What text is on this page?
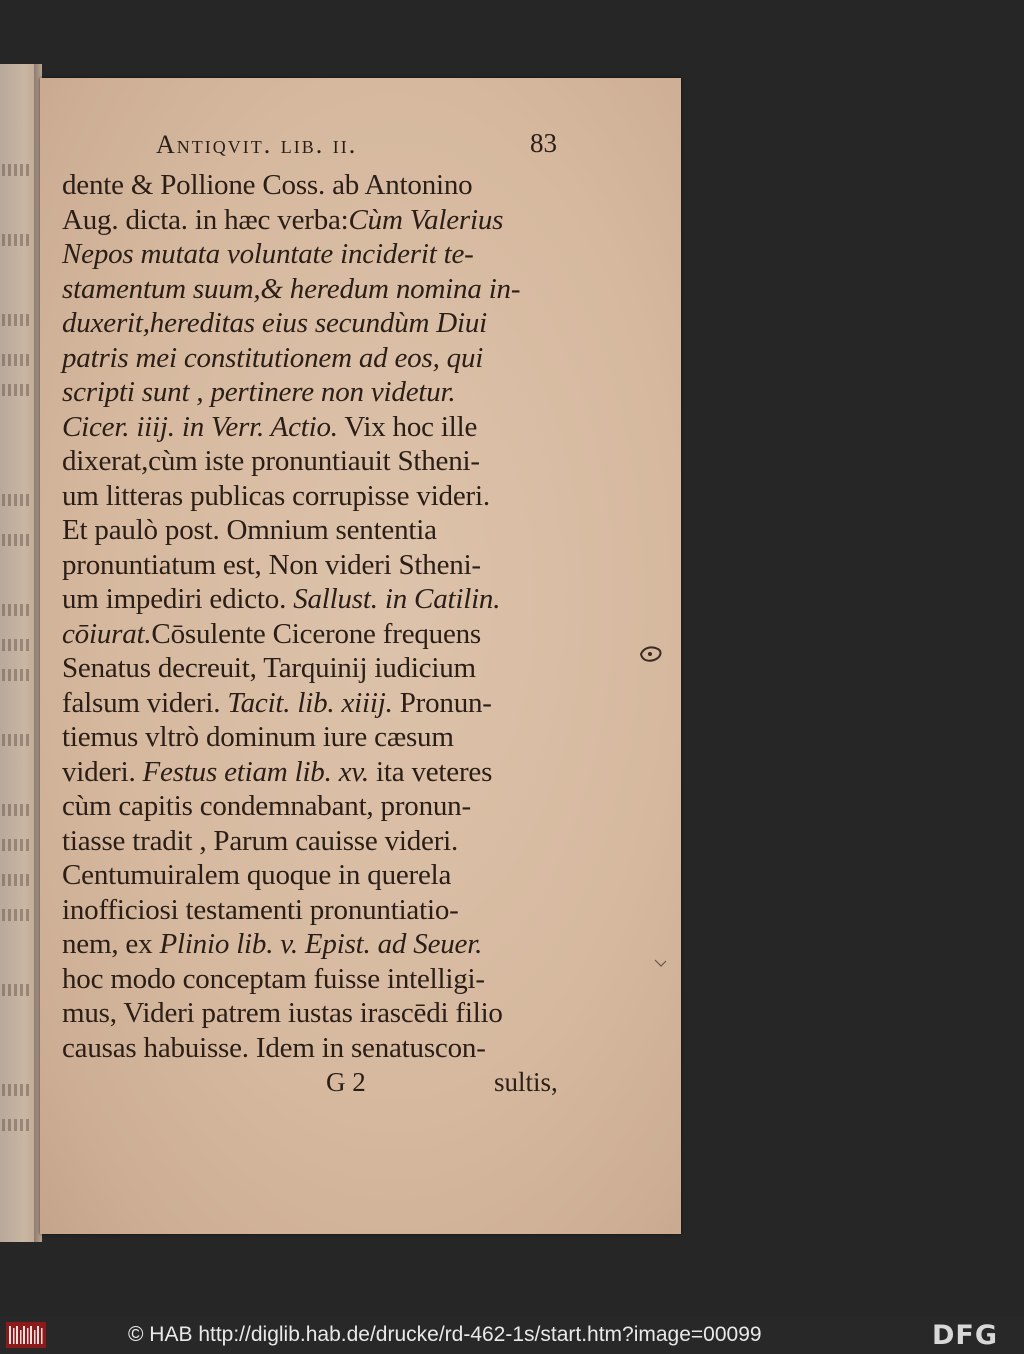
Antiqvit. lib. ii.	83
dente & Pollione Coss. ab Antonino
Aug. dicta. in hæc verba:Cùm Valerius
Nepos mutata voluntate inciderit te-
stamentum suum,& heredum nomina in-
duxerit,hereditas eius secundùm Diui
patris mei constitutionem ad eos, qui
scripti sunt , pertinere non videtur.
Cicer. iiij. in Verr. Actio. Vix hoc ille
dixerat,cùm iste pronuntiauit Stheni-
um litteras publicas corrupisse videri.
Et paulò post. Omnium sententia
pronuntiatum est, Non videri Stheni-
um impediri edicto. Sallust. in Catilin.
cōiurat.Cōsulente Cicerone frequens
Senatus decreuit, Tarquinij iudicium
falsum videri. Tacit. lib. xiiij. Pronun-
tiemus vltrò dominum iure cæsum
videri. Festus etiam lib. xv. ita veteres
cùm capitis condemnabant, pronun-
tiasse tradit , Parum cauisse videri.
Centumuiralem quoque in querela
inofficiosi testamenti pronuntiatio-
nem, ex Plinio lib. v. Epist. ad Seuer.
hoc modo conceptam fuisse intelligi-
mus, Videri patrem iustas irascēdi filio
causas habuisse. Idem in senatuscon-
G 2	sultis,
© HAB http://diglib.hab.de/drucke/rd-462-1s/start.htm?image=00099	DFG
